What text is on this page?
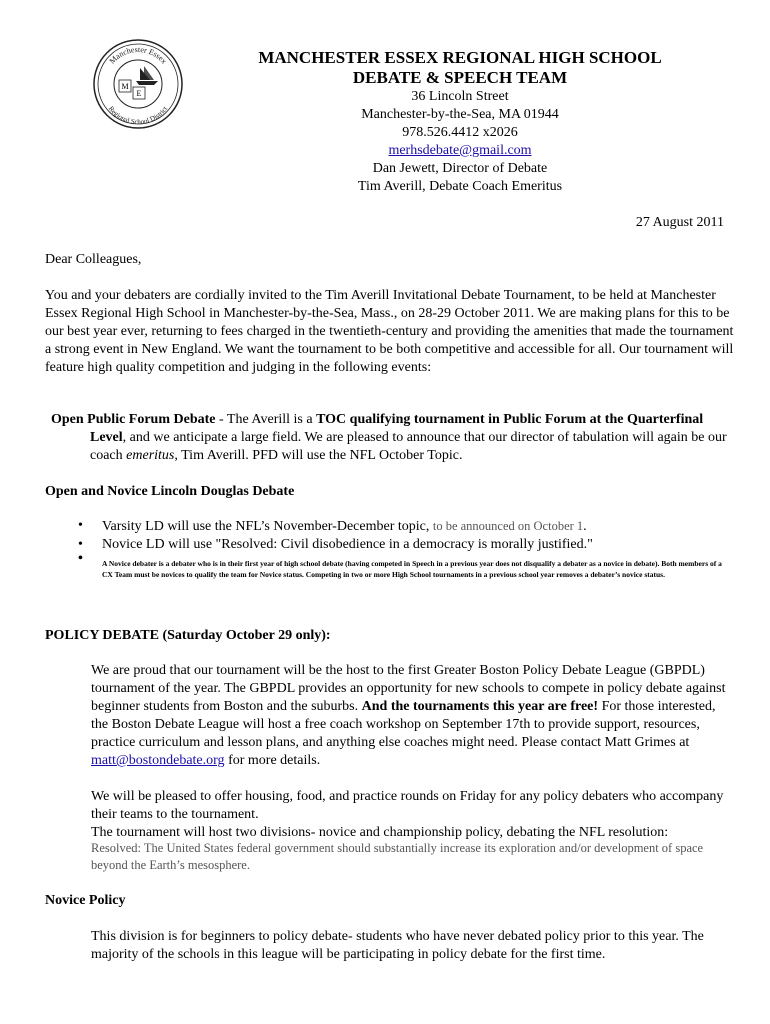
Manchester Essex
Regional School District
M
E
MANCHESTER ESSEX REGIONAL HIGH SCHOOL
DEBATE & SPEECH TEAM
36 Lincoln Street
Manchester-by-the-Sea, MA 01944
978.526.4412 x2026
merhsdebate@gmail.com
Dan Jewett, Director of Debate
Tim Averill, Debate Coach Emeritus
27 August 2011
Dear Colleagues,
You and your debaters are cordially invited to the Tim Averill Invitational Debate Tournament, to be held at Manchester Essex Regional High School in Manchester-by-the-Sea, Mass., on 28-29 October 2011. We are making plans for this to be our best year ever, returning to fees charged in the twentieth-century and providing the amenities that made the tournament a strong event in New England. We want the tournament to be both competitive and accessible for all. Our tournament will feature high quality competition and judging in the following events:
Open Public Forum Debate - The Averill is a TOC qualifying tournament in Public Forum at the Quarterfinal Level, and we anticipate a large field. We are pleased to announce that our director of tabulation will again be our coach emeritus, Tim Averill. PFD will use the NFL October Topic.
Open and Novice Lincoln Douglas Debate
• Varsity LD will use the NFL’s November-December topic, to be announced on October 1.
• Novice LD will use "Resolved: Civil disobedience in a democracy is morally justified."
•	A Novice debater is a debater who is in their first year of high school debate (having competed in Speech in a previous year does not disqualify a debater as a novice in debate). Both members of a CX Team must be novices to qualify the team for Novice status. Competing in two or more High School tournaments in a previous school year removes a debater’s novice status.
POLICY DEBATE (Saturday October 29 only):
We are proud that our tournament will be the host to the first Greater Boston Policy Debate League (GBPDL) tournament of the year. The GBPDL provides an opportunity for new schools to compete in policy debate against beginner students from Boston and the suburbs. And the tournaments this year are free! For those interested, the Boston Debate League will host a free coach workshop on September 17th to provide support, resources, practice curriculum and lesson plans, and anything else coaches might need. Please contact Matt Grimes at matt@bostondebate.org for more details.
We will be pleased to offer housing, food, and practice rounds on Friday for any policy debaters who accompany their teams to the tournament.
The tournament will host two divisions- novice and championship policy, debating the NFL resolution:
Resolved: The United States federal government should substantially increase its exploration and/or development of space beyond the Earth’s mesosphere.
Novice Policy
This division is for beginners to policy debate- students who have never debated policy prior to this year. The majority of the schools in this league will be participating in policy debate for the first time.
